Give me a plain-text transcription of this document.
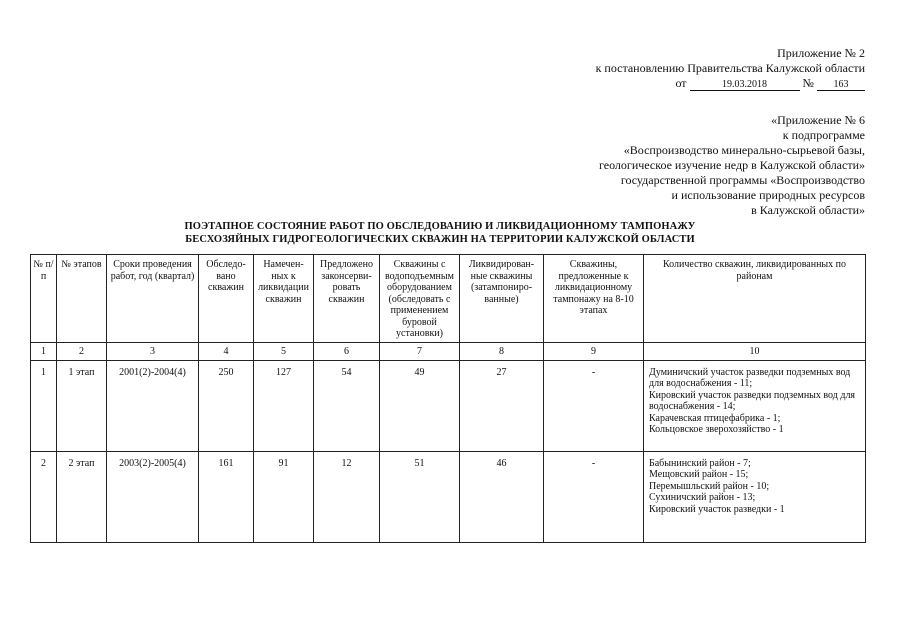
Приложение № 2
к постановлению Правительства Калужской области
от	19.03.2018	№ 163
«Приложение № 6
к подпрограмме
«Воспроизводство минерально-сырьевой базы,
геологическое изучение недр в Калужской области»
государственной программы «Воспроизводство
и использование природных ресурсов
в Калужской области»
ПОЭТАПНОЕ СОСТОЯНИЕ РАБОТ ПО ОБСЛЕДОВАНИЮ И ЛИКВИДАЦИОННОМУ ТАМПОНАЖУ
БЕСХОЗЯЙНЫХ ГИДРОГЕОЛОГИЧЕСКИХ СКВАЖИН НА ТЕРРИТОРИИ КАЛУЖСКОЙ ОБЛАСТИ
№ п/п	№ этапов	Сроки проведения работ, год (квартал)	Обследо- вано скважин	Намечен- ных к ликвидации скважин	Предложено законсерви- ровать скважин	Скважины с водоподъемным оборудованием (обследовать с применением буровой установки)	Ликвидирован- ные скважины (затампониро- ванные)	Скважины, предложенные к ликвидационному тампонажу на 8-10 этапах	Количество скважин, ликвидированных по районам
1	2	3	4	5	6	7	8	9	10
1	1 этап	2001(2)-2004(4)	250	127	54	49	27	-	Думиничский участок разведки подземных вод для водоснабжения - 11;
Кировский участок разведки подземных вод для водоснабжения - 14;
Карачевская птицефабрика - 1;
Кольцовское зверохозяйство - 1

2	2 этап	2003(2)-2005(4)	161	91	12	51	46	-	Бабынинский район - 7;
Мещовский район - 15;
Перемышльский район - 10;
Сухиничский район - 13;
Кировский участок разведки - 1
